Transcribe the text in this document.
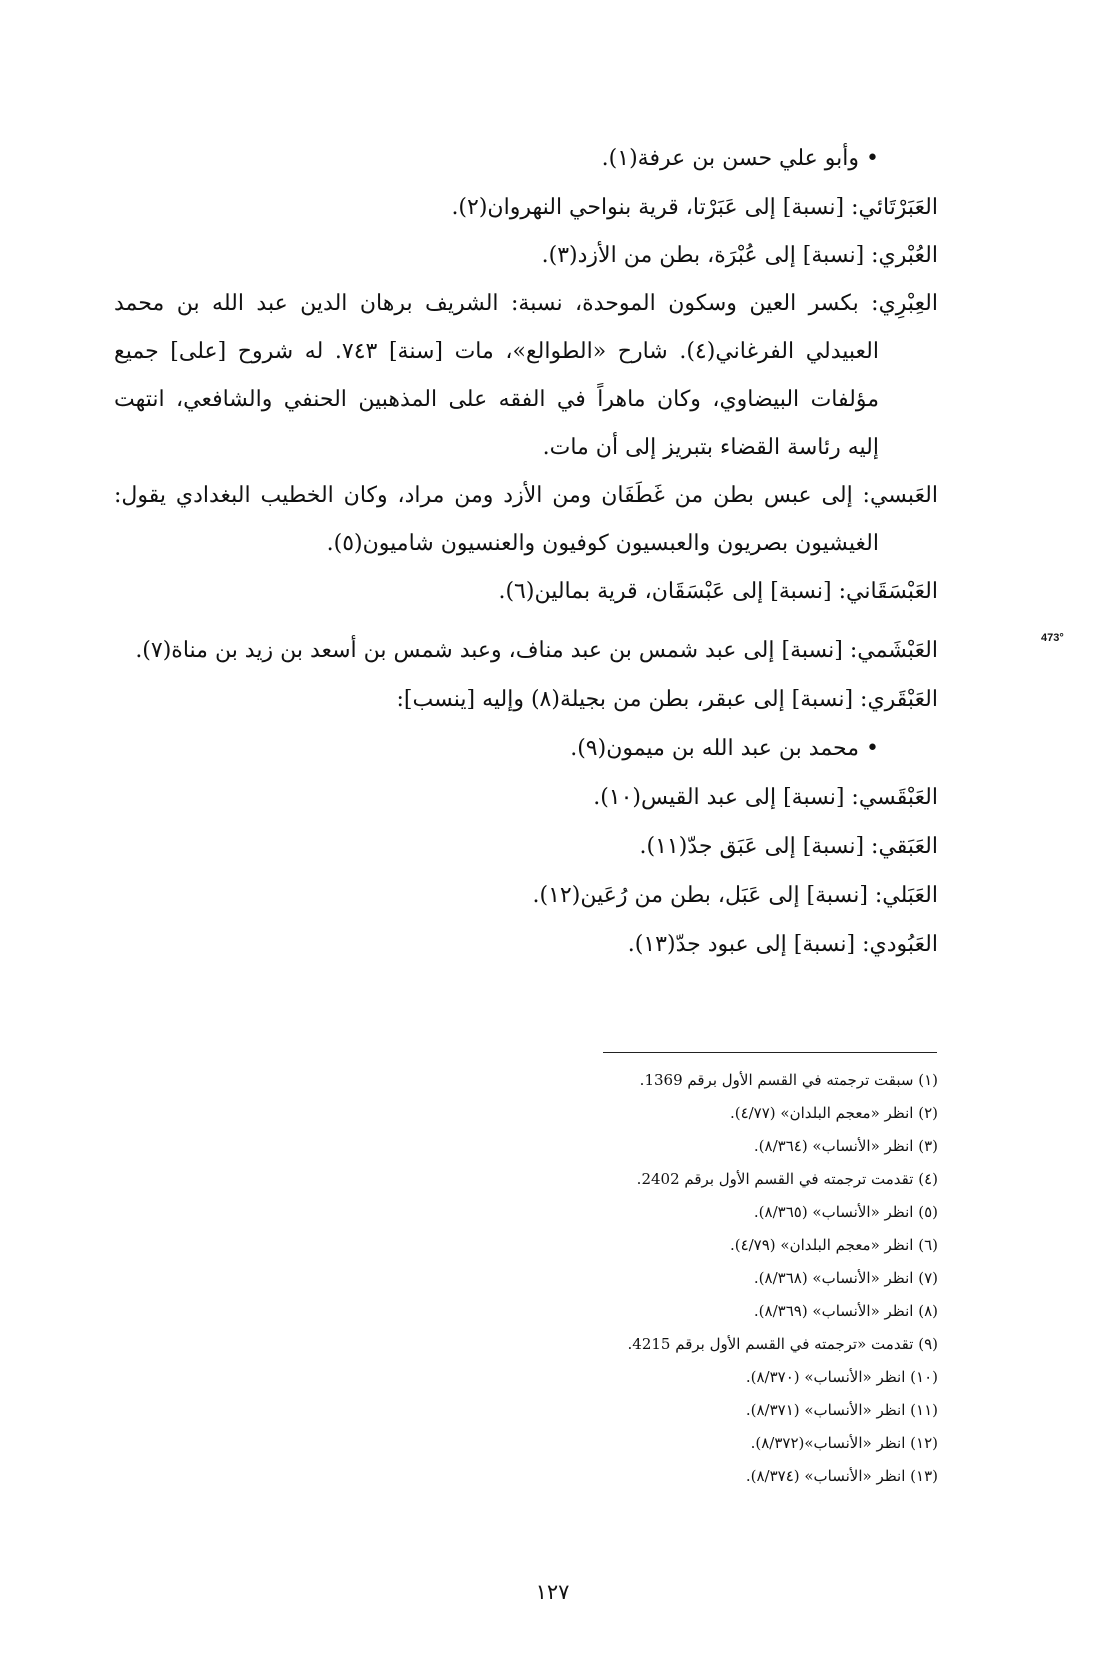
• وأبو علي حسن بن عرفة(١).
العَبَرْتَائي: [نسبة] إلى عَبَرْتا، قرية بنواحي النهروان(٢).
العُبْري: [نسبة] إلى عُبْرَة، بطن من الأزد(٣).
العِبْرِي: بكسر العين وسكون الموحدة، نسبة: الشريف برهان الدين عبد الله بن محمد
العبيدلي الفرغاني(٤). شارح «الطوالع»، مات [سنة] ٧٤٣. له شروح [على] جميع
مؤلفات البيضاوي، وكان ماهراً في الفقه على المذهبين الحنفي والشافعي، انتهت
إليه رئاسة القضاء بتبريز إلى أن مات.
العَبسي: إلى عبس بطن من غَطَفَان ومن الأزد ومن مراد، وكان الخطيب البغدادي يقول:
الغيشيون بصريون والعبسيون كوفيون والعنسيون شاميون(٥).
العَبْسَقَاني: [نسبة] إلى عَبْسَقَان، قرية بمالين(٦).
473°
العَبْشَمي: [نسبة] إلى عبد شمس بن عبد مناف، وعبد شمس بن أسعد بن زيد بن مناة(٧).
العَبْقَري: [نسبة] إلى عبقر، بطن من بجيلة(٨) وإليه [ينسب]:
• محمد بن عبد الله بن ميمون(٩).
العَبْقَسي: [نسبة] إلى عبد القيس(١٠).
العَبَقي: [نسبة] إلى عَبَق جدّ(١١).
العَبَلي: [نسبة] إلى عَبَل، بطن من رُعَين(١٢).
العَبُودي: [نسبة] إلى عبود جدّ(١٣).
(١) سبقت ترجمته في القسم الأول برقم 1369.
(٢) انظر «معجم البلدان» (٤/٧٧).
(٣) انظر «الأنساب» (٨/٣٦٤).
(٤) تقدمت ترجمته في القسم الأول برقم 2402.
(٥) انظر «الأنساب» (٨/٣٦٥).
(٦) انظر «معجم البلدان» (٤/٧٩).
(٧) انظر «الأنساب» (٨/٣٦٨).
(٨) انظر «الأنساب» (٨/٣٦٩).
(٩) تقدمت «ترجمته في القسم الأول برقم 4215.
(١٠) انظر «الأنساب» (٨/٣٧٠).
(١١) انظر «الأنساب» (٨/٣٧١).
(١٢) انظر «الأنساب»(٨/٣٧٢).
(١٣) انظر «الأنساب» (٨/٣٧٤).
١٢٧
